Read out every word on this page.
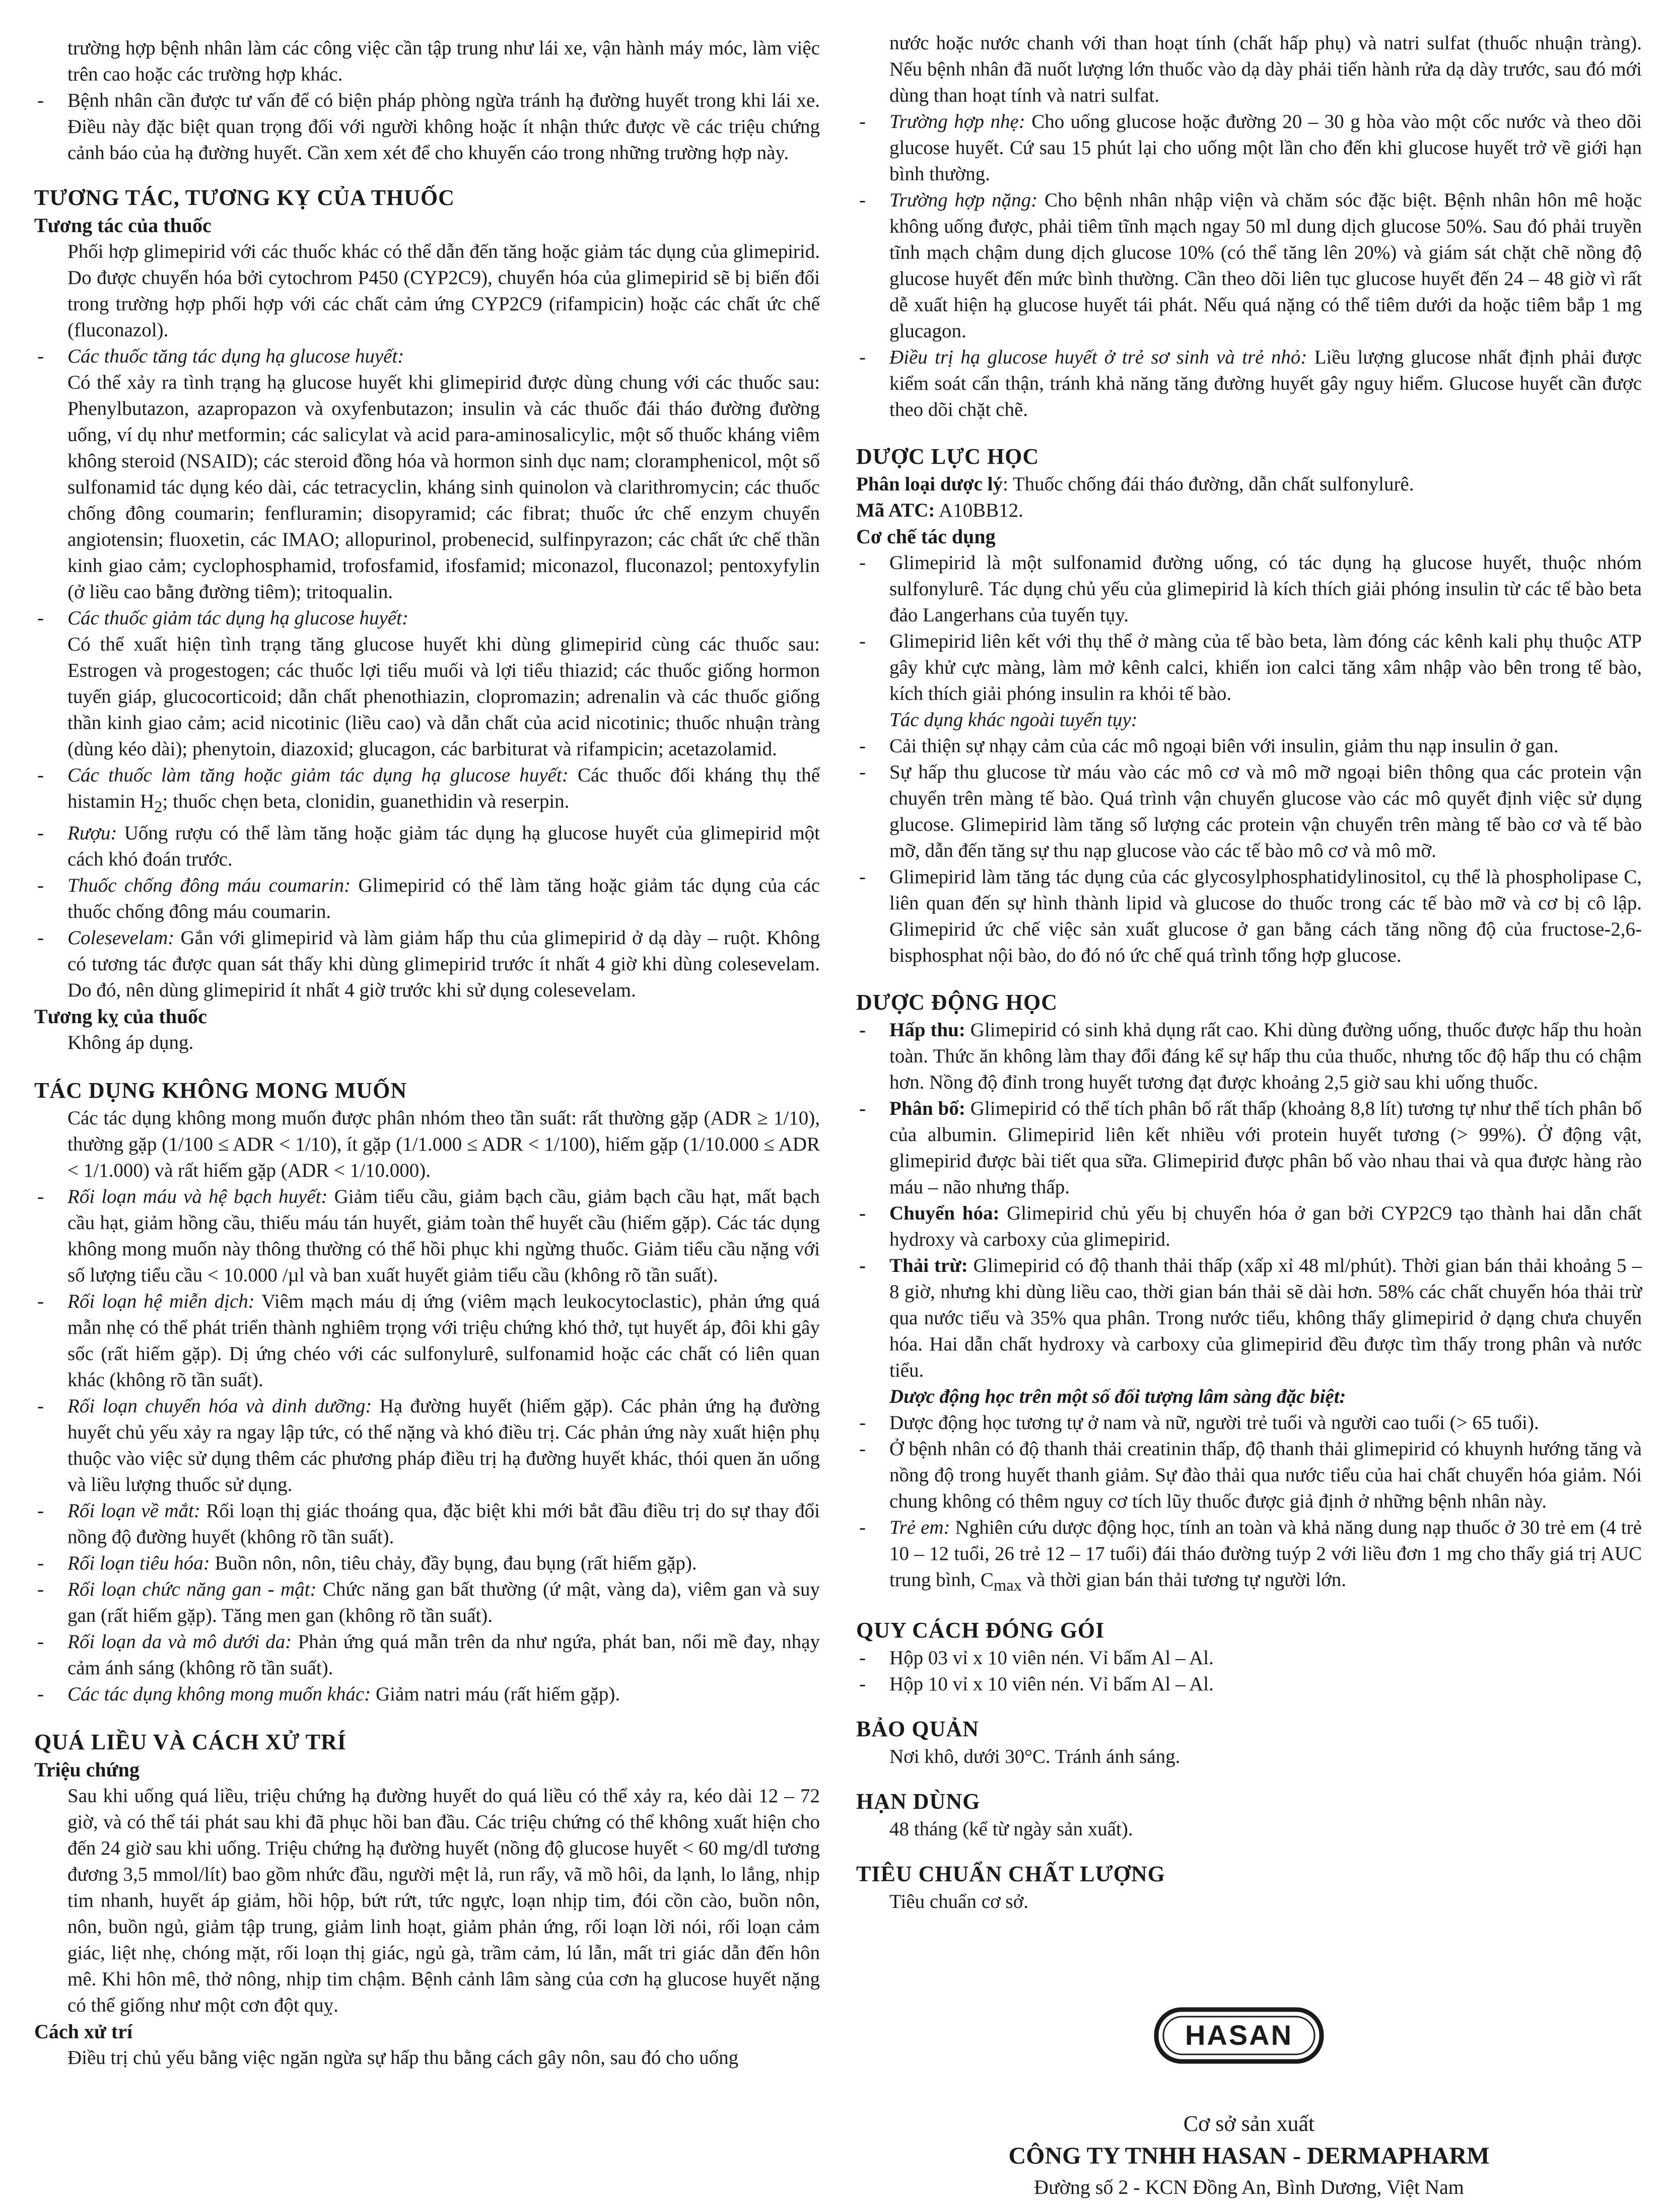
trường hợp bệnh nhân làm các công việc cần tập trung như lái xe, vận hành máy móc, làm việc trên cao hoặc các trường hợp khác.

- Bệnh nhân cần được tư vấn để có biện pháp phòng ngừa tránh hạ đường huyết trong khi lái xe. Điều này đặc biệt quan trọng đối với người không hoặc ít nhận thức được về các triệu chứng cảnh báo của hạ đường huyết. Cần xem xét để cho khuyến cáo trong những trường hợp này.

TƯƠNG TÁC, TƯƠNG KỴ CỦA THUỐC
Tương tác của thuốc

Phối hợp glimepirid với các thuốc khác có thể dẫn đến tăng hoặc giảm tác dụng của glimepirid. Do được chuyển hóa bởi cytochrom P450 (CYP2C9), chuyển hóa của glimepirid sẽ bị biến đổi trong trường hợp phối hợp với các chất cảm ứng CYP2C9 (rifampicin) hoặc các chất ức chế (fluconazol).

- Các thuốc tăng tác dụng hạ glucose huyết:

Có thể xảy ra tình trạng hạ glucose huyết khi glimepirid được dùng chung với các thuốc sau: Phenylbutazon, azapropazon và oxyfenbutazon; insulin và các thuốc đái tháo đường đường uống, ví dụ như metformin; các salicylat và acid para-aminosalicylic, một số thuốc kháng viêm không steroid (NSAID); các steroid đồng hóa và hormon sinh dục nam; cloramphenicol, một số sulfonamid tác dụng kéo dài, các tetracyclin, kháng sinh quinolon và clarithromycin; các thuốc chống đông coumarin; fenfluramin; disopyramid; các fibrat; thuốc ức chế enzym chuyển angiotensin; fluoxetin, các IMAO; allopurinol, probenecid, sulfinpyrazon; các chất ức chế thần kinh giao cảm; cyclophosphamid, trofosfamid, ifosfamid; miconazol, fluconazol; pentoxyfylin (ở liều cao bằng đường tiêm); tritoqualin.

- Các thuốc giảm tác dụng hạ glucose huyết:

Có thể xuất hiện tình trạng tăng glucose huyết khi dùng glimepirid cùng các thuốc sau: Estrogen và progestogen; các thuốc lợi tiểu muối và lợi tiểu thiazid; các thuốc giống hormon tuyến giáp, glucocorticoid; dẫn chất phenothiazin, clopromazin; adrenalin và các thuốc giống thần kinh giao cảm; acid nicotinic (liều cao) và dẫn chất của acid nicotinic; thuốc nhuận tràng (dùng kéo dài); phenytoin, diazoxid; glucagon, các barbiturat và rifampicin; acetazolamid.

- Các thuốc làm tăng hoặc giảm tác dụng hạ glucose huyết: Các thuốc đối kháng thụ thể histamin $H_2$; thuốc chẹn beta, clonidin, guanethidin và reserpin.

- Rượu: Uống rượu có thể làm tăng hoặc giảm tác dụng hạ glucose huyết của glimepirid một cách khó đoán trước.

- Thuốc chống đông máu coumarin: Glimepirid có thể làm tăng hoặc giảm tác dụng của các thuốc chống đông máu coumarin.

- Colesevelam: Gắn với glimepirid và làm giảm hấp thu của glimepirid ở dạ dày – ruột. Không có tương tác được quan sát thấy khi dùng glimepirid trước ít nhất 4 giờ khi dùng colesevelam. Do đó, nên dùng glimepirid ít nhất 4 giờ trước khi sử dụng colesevelam.

Tương kỵ của thuốc

Không áp dụng.

TÁC DỤNG KHÔNG MONG MUỐN

Các tác dụng không mong muốn được phân nhóm theo tần suất: rất thường gặp (ADR ≥ 1/10), thường gặp (1/100 ≤ ADR < 1/10), ít gặp (1/1.000 ≤ ADR < 1/100), hiếm gặp (1/10.000 ≤ ADR < 1/1.000) và rất hiếm gặp (ADR < 1/10.000).

- Rối loạn máu và hệ bạch huyết: Giảm tiểu cầu, giảm bạch cầu, giảm bạch cầu hạt, mất bạch cầu hạt, giảm hồng cầu, thiếu máu tán huyết, giảm toàn thể huyết cầu (hiếm gặp). Các tác dụng không mong muốn này thông thường có thể hồi phục khi ngừng thuốc. Giảm tiểu cầu nặng với số lượng tiểu cầu < 10.000 /µl và ban xuất huyết giảm tiểu cầu (không rõ tần suất).

- Rối loạn hệ miễn dịch: Viêm mạch máu dị ứng (viêm mạch leukocytoclastic), phản ứng quá mẫn nhẹ có thể phát triển thành nghiêm trọng với triệu chứng khó thở, tụt huyết áp, đôi khi gây sốc (rất hiếm gặp). Dị ứng chéo với các sulfonylurê, sulfonamid hoặc các chất có liên quan khác (không rõ tần suất).

- Rối loạn chuyển hóa và dinh dưỡng: Hạ đường huyết (hiếm gặp). Các phản ứng hạ đường huyết chủ yếu xảy ra ngay lập tức, có thể nặng và khó điều trị. Các phản ứng này xuất hiện phụ thuộc vào việc sử dụng thêm các phương pháp điều trị hạ đường huyết khác, thói quen ăn uống và liều lượng thuốc sử dụng.

- Rối loạn về mắt: Rối loạn thị giác thoáng qua, đặc biệt khi mới bắt đầu điều trị do sự thay đổi nồng độ đường huyết (không rõ tần suất).

- Rối loạn tiêu hóa: Buồn nôn, nôn, tiêu chảy, đầy bụng, đau bụng (rất hiếm gặp).

- Rối loạn chức năng gan - mật: Chức năng gan bất thường (ứ mật, vàng da), viêm gan và suy gan (rất hiếm gặp). Tăng men gan (không rõ tần suất).

- Rối loạn da và mô dưới da: Phản ứng quá mẫn trên da như ngứa, phát ban, nổi mề đay, nhạy cảm ánh sáng (không rõ tần suất).

- Các tác dụng không mong muốn khác: Giảm natri máu (rất hiếm gặp).

QUÁ LIỀU VÀ CÁCH XỬ TRÍ
Triệu chứng

Sau khi uống quá liều, triệu chứng hạ đường huyết do quá liều có thể xảy ra, kéo dài 12 – 72 giờ, và có thể tái phát sau khi đã phục hồi ban đầu. Các triệu chứng có thể không xuất hiện cho đến 24 giờ sau khi uống. Triệu chứng hạ đường huyết (nồng độ glucose huyết < 60 mg/dl tương đương 3,5 mmol/lít) bao gồm nhức đầu, người mệt lả, run rẩy, vã mồ hôi, da lạnh, lo lắng, nhịp tim nhanh, huyết áp giảm, hồi hộp, bứt rứt, tức ngực, loạn nhịp tim, đói cồn cào, buồn nôn, nôn, buồn ngủ, giảm tập trung, giảm linh hoạt, giảm phản ứng, rối loạn lời nói, rối loạn cảm giác, liệt nhẹ, chóng mặt, rối loạn thị giác, ngủ gà, trầm cảm, lú lẫn, mất tri giác dẫn đến hôn mê. Khi hôn mê, thở nông, nhịp tim chậm. Bệnh cảnh lâm sàng của cơn hạ glucose huyết nặng có thể giống như một cơn đột quỵ.

Cách xử trí

Điều trị chủ yếu bằng việc ngăn ngừa sự hấp thu bằng cách gây nôn, sau đó cho uống

nước hoặc nước chanh với than hoạt tính (chất hấp phụ) và natri sulfat (thuốc nhuận tràng). Nếu bệnh nhân đã nuốt lượng lớn thuốc vào dạ dày phải tiến hành rửa dạ dày trước, sau đó mới dùng than hoạt tính và natri sulfat.

- Trường hợp nhẹ: Cho uống glucose hoặc đường 20 – 30 g hòa vào một cốc nước và theo dõi glucose huyết. Cứ sau 15 phút lại cho uống một lần cho đến khi glucose huyết trở về giới hạn bình thường.

- Trường hợp nặng: Cho bệnh nhân nhập viện và chăm sóc đặc biệt. Bệnh nhân hôn mê hoặc không uống được, phải tiêm tĩnh mạch ngay 50 ml dung dịch glucose 50%. Sau đó phải truyền tĩnh mạch chậm dung dịch glucose 10% (có thể tăng lên 20%) và giám sát chặt chẽ nồng độ glucose huyết đến mức bình thường. Cần theo dõi liên tục glucose huyết đến 24 – 48 giờ vì rất dễ xuất hiện hạ glucose huyết tái phát. Nếu quá nặng có thể tiêm dưới da hoặc tiêm bắp 1 mg glucagon.

- Điều trị hạ glucose huyết ở trẻ sơ sinh và trẻ nhỏ: Liều lượng glucose nhất định phải được kiểm soát cẩn thận, tránh khả năng tăng đường huyết gây nguy hiểm. Glucose huyết cần được theo dõi chặt chẽ.

DƯỢC LỰC HỌC

Phân loại dược lý: Thuốc chống đái tháo đường, dẫn chất sulfonylurê.

Mã ATC: A10BB12.

Cơ chế tác dụng

- Glimepirid là một sulfonamid đường uống, có tác dụng hạ glucose huyết, thuộc nhóm sulfonylurê. Tác dụng chủ yếu của glimepirid là kích thích giải phóng insulin từ các tế bào beta đảo Langerhans của tuyến tụy.

- Glimepirid liên kết với thụ thể ở màng của tế bào beta, làm đóng các kênh kali phụ thuộc ATP gây khử cực màng, làm mở kênh calci, khiến ion calci tăng xâm nhập vào bên trong tế bào, kích thích giải phóng insulin ra khỏi tế bào.

Tác dụng khác ngoài tuyến tụy:

- Cải thiện sự nhạy cảm của các mô ngoại biên với insulin, giảm thu nạp insulin ở gan.

- Sự hấp thu glucose từ máu vào các mô cơ và mô mỡ ngoại biên thông qua các protein vận chuyển trên màng tế bào. Quá trình vận chuyển glucose vào các mô quyết định việc sử dụng glucose. Glimepirid làm tăng số lượng các protein vận chuyển trên màng tế bào cơ và tế bào mỡ, dẫn đến tăng sự thu nạp glucose vào các tế bào mô cơ và mô mỡ.

- Glimepirid làm tăng tác dụng của các glycosylphosphatidylinositol, cụ thể là phospholipase C, liên quan đến sự hình thành lipid và glucose do thuốc trong các tế bào mỡ và cơ bị cô lập. Glimepirid ức chế việc sản xuất glucose ở gan bằng cách tăng nồng độ của fructose-2,6-bisphosphat nội bào, do đó nó ức chế quá trình tổng hợp glucose.

DƯỢC ĐỘNG HỌC

- Hấp thu: Glimepirid có sinh khả dụng rất cao. Khi dùng đường uống, thuốc được hấp thu hoàn toàn. Thức ăn không làm thay đổi đáng kể sự hấp thu của thuốc, nhưng tốc độ hấp thu có chậm hơn. Nồng độ đỉnh trong huyết tương đạt được khoảng 2,5 giờ sau khi uống thuốc.

- Phân bố: Glimepirid có thể tích phân bố rất thấp (khoảng 8,8 lít) tương tự như thể tích phân bố của albumin. Glimepirid liên kết nhiều với protein huyết tương (> 99%). Ở động vật, glimepirid được bài tiết qua sữa. Glimepirid được phân bố vào nhau thai và qua được hàng rào máu – não nhưng thấp.

- Chuyển hóa: Glimepirid chủ yếu bị chuyển hóa ở gan bởi CYP2C9 tạo thành hai dẫn chất hydroxy và carboxy của glimepirid.

- Thải trừ: Glimepirid có độ thanh thải thấp (xấp xỉ 48 ml/phút). Thời gian bán thải khoảng 5 – 8 giờ, nhưng khi dùng liều cao, thời gian bán thải sẽ dài hơn. 58% các chất chuyển hóa thải trừ qua nước tiểu và 35% qua phân. Trong nước tiểu, không thấy glimepirid ở dạng chưa chuyển hóa. Hai dẫn chất hydroxy và carboxy của glimepirid đều được tìm thấy trong phân và nước tiểu.

Dược động học trên một số đối tượng lâm sàng đặc biệt:

- Dược động học tương tự ở nam và nữ, người trẻ tuổi và người cao tuổi (> 65 tuổi).

- Ở bệnh nhân có độ thanh thải creatinin thấp, độ thanh thải glimepirid có khuynh hướng tăng và nồng độ trong huyết thanh giảm. Sự đào thải qua nước tiểu của hai chất chuyển hóa giảm. Nói chung không có thêm nguy cơ tích lũy thuốc được giả định ở những bệnh nhân này.

- Trẻ em: Nghiên cứu dược động học, tính an toàn và khả năng dung nạp thuốc ở 30 trẻ em (4 trẻ 10 – 12 tuổi, 26 trẻ 12 – 17 tuổi) đái tháo đường tuýp 2 với liều đơn 1 mg cho thấy giá trị AUC trung bình, $C_{max}$ và thời gian bán thải tương tự người lớn.

QUY CÁCH ĐÓNG GÓI

- Hộp 03 vỉ x 10 viên nén. Vỉ bấm Al – Al.

- Hộp 10 vỉ x 10 viên nén. Vỉ bấm Al – Al.

BẢO QUẢN

Nơi khô, dưới 30°C. Tránh ánh sáng.

HẠN DÙNG

48 tháng (kể từ ngày sản xuất).

TIÊU CHUẨN CHẤT LƯỢNG

Tiêu chuẩn cơ sở.

HASAN
Cơ sở sản xuất
CÔNG TY TNHH HASAN - DERMAPHARM
Đường số 2 - KCN Đồng An, Bình Dương, Việt Nam
